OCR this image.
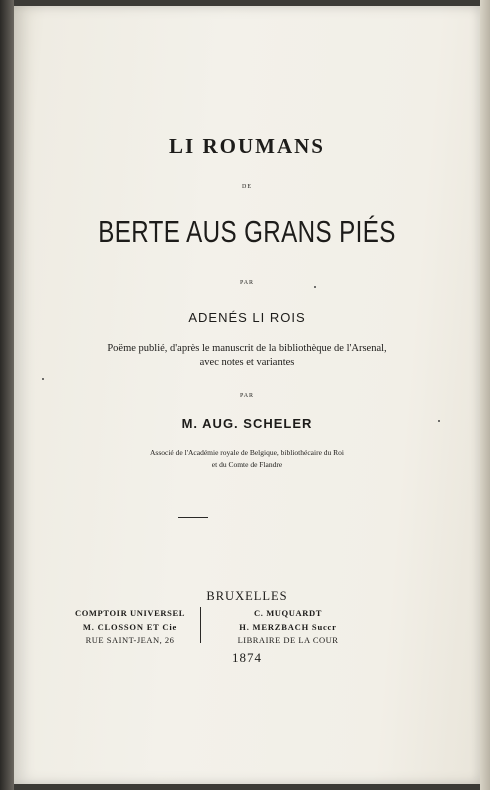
LI ROUMANS
DE
BERTE AUS GRANS PIÉS
PAR
ADENÉS LI ROIS
Poëme publié, d'après le manuscrit de la bibliothèque de l'Arsenal,
avec notes et variantes
PAR
M. AUG. SCHELER
Associé de l'Académie royale de Belgique, bibliothécaire du Roi
et du Comte de Flandre
BRUXELLES
COMPTOIR UNIVERSEL
M. CLOSSON ET Cie
RUE SAINT-JEAN, 26
C. MUQUARDT
H. MERZBACH Succr
LIBRAIRE DE LA COUR
1874
